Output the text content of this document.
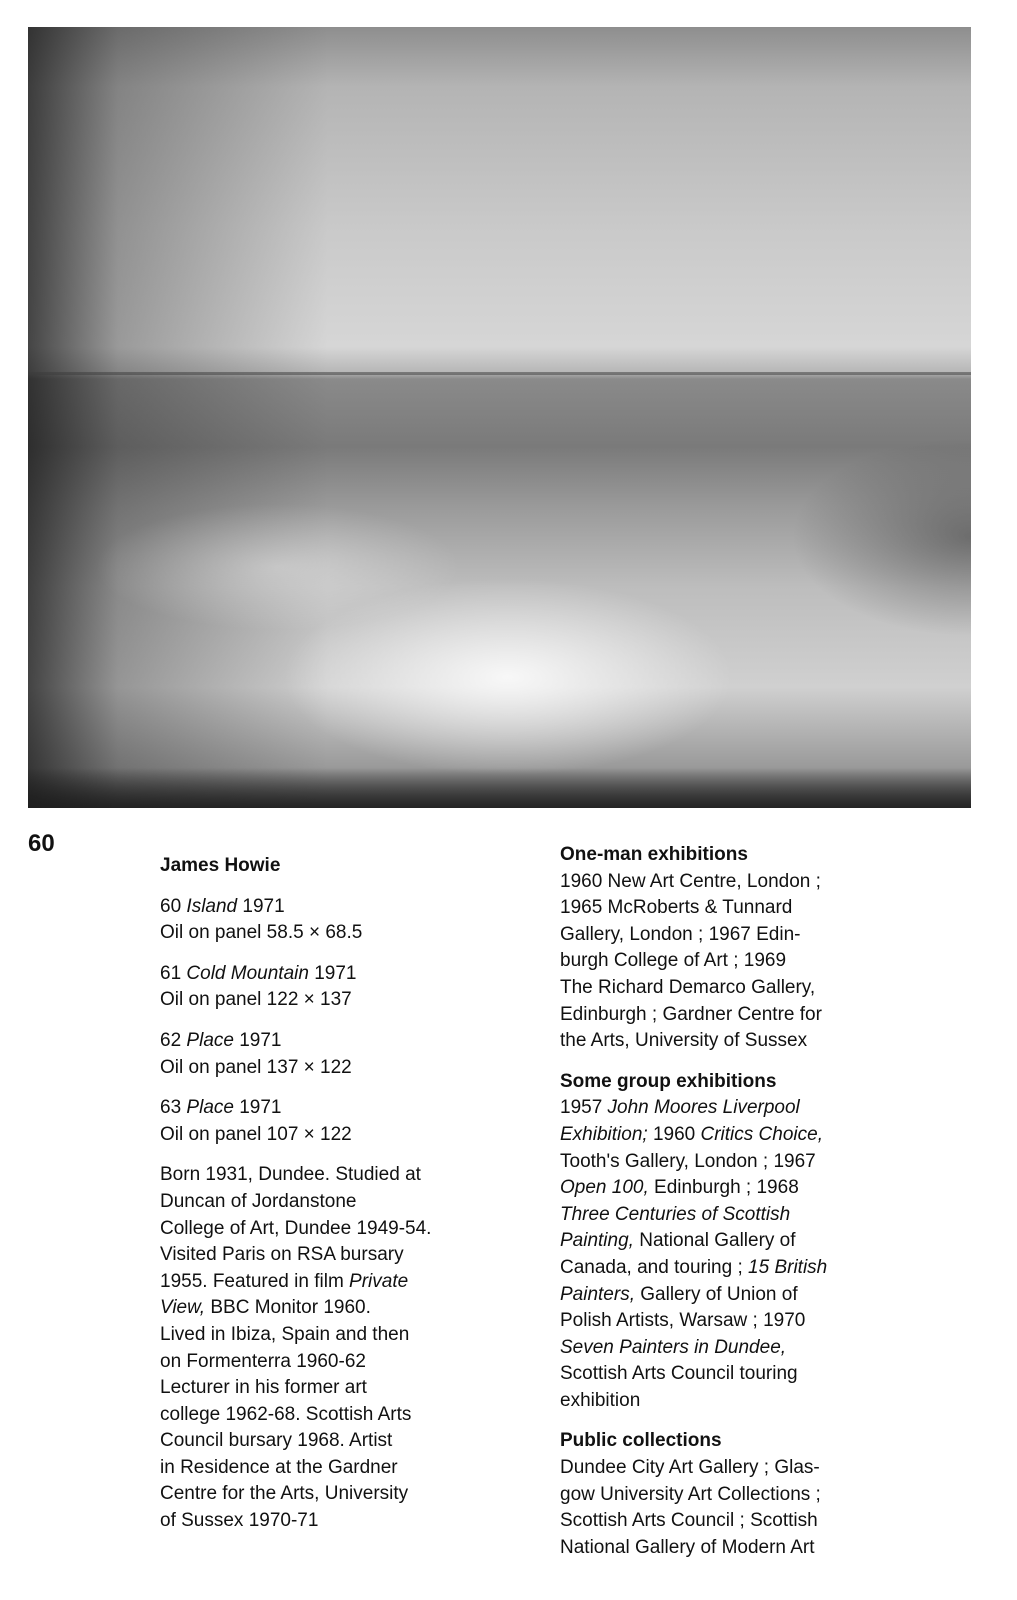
60
James Howie
60 Island 1971
Oil on panel 58.5 × 68.5
61 Cold Mountain 1971
Oil on panel 122 × 137
62 Place 1971
Oil on panel 137 × 122
63 Place 1971
Oil on panel 107 × 122
Born 1931, Dundee. Studied at
Duncan of Jordanstone
College of Art, Dundee 1949-54.
Visited Paris on RSA bursary
1955. Featured in film Private
View, BBC Monitor 1960.
Lived in Ibiza, Spain and then
on Formenterra 1960-62
Lecturer in his former art
college 1962-68. Scottish Arts
Council bursary 1968. Artist
in Residence at the Gardner
Centre for the Arts, University
of Sussex 1970-71
One-man exhibitions
1960 New Art Centre, London ;
1965 McRoberts & Tunnard
Gallery, London ; 1967 Edin-
burgh College of Art ; 1969
The Richard Demarco Gallery,
Edinburgh ; Gardner Centre for
the Arts, University of Sussex
Some group exhibitions
1957 John Moores Liverpool
Exhibition; 1960 Critics Choice,
Tooth's Gallery, London ; 1967
Open 100, Edinburgh ; 1968
Three Centuries of Scottish
Painting, National Gallery of
Canada, and touring ; 15 British
Painters, Gallery of Union of
Polish Artists, Warsaw ; 1970
Seven Painters in Dundee,
Scottish Arts Council touring
exhibition
Public collections
Dundee City Art Gallery ; Glas-
gow University Art Collections ;
Scottish Arts Council ; Scottish
National Gallery of Modern Art
